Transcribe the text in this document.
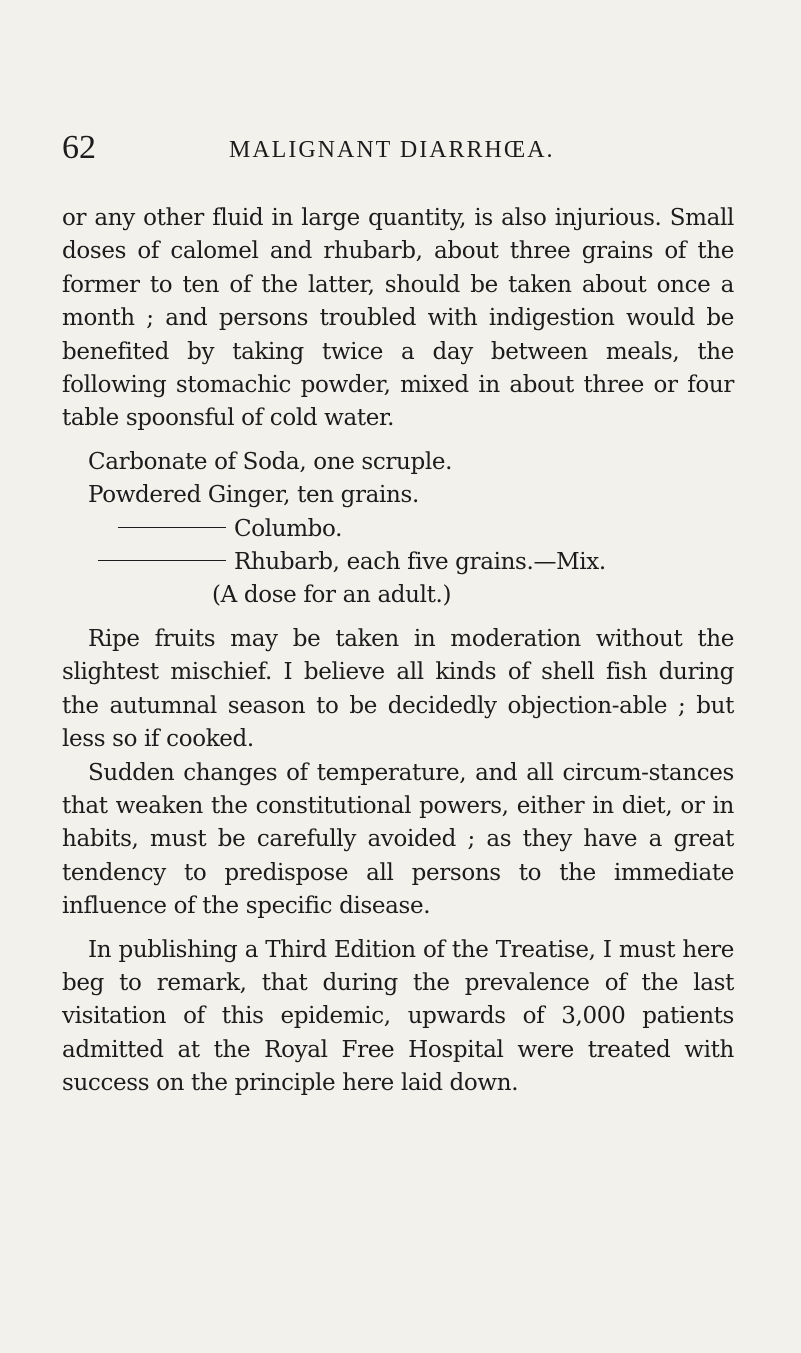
62	MALIGNANT DIARRHŒA.

or any other fluid in large quantity, is also injurious. Small doses of calomel and rhubarb, about three grains of the former to ten of the latter, should be taken about once a month ; and persons troubled with indigestion would be benefited by taking twice a day between meals, the following stomachic powder, mixed in about three or four table spoonsful of cold water.

Carbonate of Soda, one scruple.
Powdered Ginger, ten grains.
Columbo.
Rhubarb, each five grains.—Mix.
(A dose for an adult.)

Ripe fruits may be taken in moderation without the slightest mischief. I believe all kinds of shell fish during the autumnal season to be decidedly objection-able ; but less so if cooked.

Sudden changes of temperature, and all circum-stances that weaken the constitutional powers, either in diet, or in habits, must be carefully avoided ; as they have a great tendency to predispose all persons to the immediate influence of the specific disease.

In publishing a Third Edition of the Treatise, I must here beg to remark, that during the prevalence of the last visitation of this epidemic, upwards of 3,000 patients admitted at the Royal Free Hospital were treated with success on the principle here laid down.
